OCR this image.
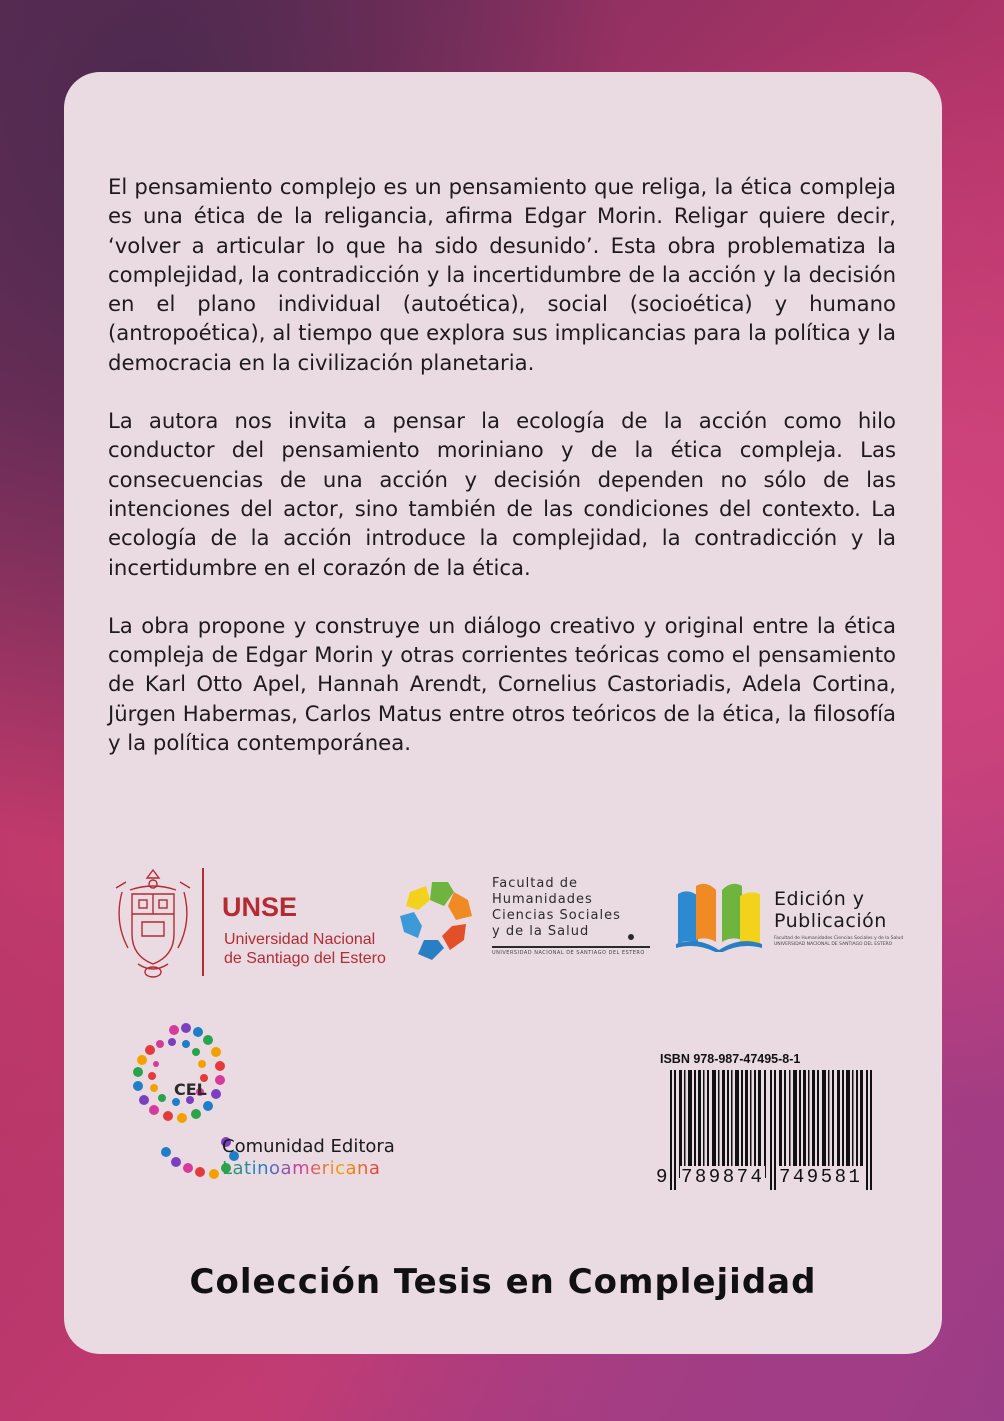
El pensamiento complejo es un pensamiento que religa, la ética compleja es una ética de la religancia, afirma Edgar Morin. Religar quiere decir, ‘volver a articular lo que ha sido desunido’. Esta obra problematiza la complejidad, la contradicción y la incertidumbre de la acción y la decisión en el plano individual (autoética), social (socioética) y humano (antropoética), al tiempo que explora sus implicancias para la política y la democracia en la civilización planetaria.

La autora nos invita a pensar la ecología de la acción como hilo conductor del pensamiento moriniano y de la ética compleja. Las consecuencias de una acción y decisión dependen no sólo de las intenciones del actor, sino también de las condiciones del contexto. La ecología de la acción introduce la complejidad, la contradicción y la incertidumbre en el corazón de la ética.

La obra propone y construye un diálogo creativo y original entre la ética compleja de Edgar Morin y otras corrientes teóricas como el pensamiento de Karl Otto Apel, Hannah Arendt, Cornelius Castoriadis, Adela Cortina, Jürgen Habermas, Carlos Matus entre otros teóricos de la ética, la filosofía y la política contemporánea.

UNSE
Universidad Nacional
de Santiago del Estero
Facultad de
Humanidades
Ciencias Sociales
y de la Salud
UNIVERSIDAD NACIONAL DE SANTIAGO DEL ESTERO
Edición y
Publicación
Facultad de Humanidades Ciencias Sociales y de la Salud
UNIVERSIDAD NACIONAL DE SANTIAGO DEL ESTERO
CEL
Comunidad Editora
Latinoamericana
ISBN 978-987-47495-8-1
9 789874 749581
Colección Tesis en Complejidad
